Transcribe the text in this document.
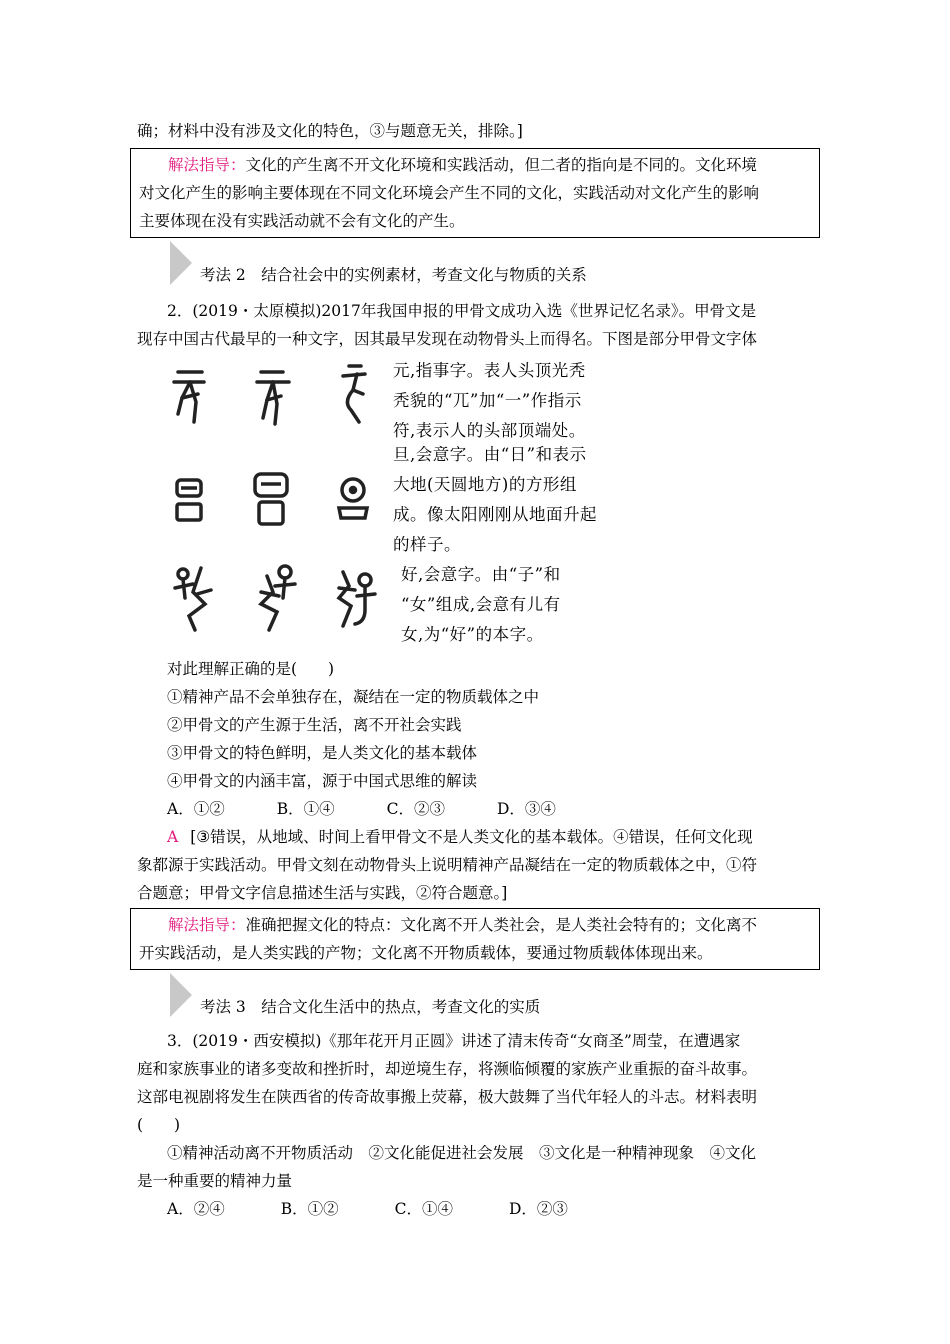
确；材料中没有涉及文化的特色，③与题意无关，排除。]

解法指导：文化的产生离不开文化环境和实践活动，但二者的指向是不同的。文化环境

对文化产生的影响主要体现在不同文化环境会产生不同的文化，实践活动对文化产生的影响

主要体现在没有实践活动就不会有文化的产生。

考法 2　结合社会中的实例素材，考查文化与物质的关系
2．(2019・太原模拟)2017年我国申报的甲骨文成功入选《世界记忆名录》。甲骨文是
现存中国古代最早的一种文字，因其最早发现在动物骨头上而得名。下图是部分甲骨文字体
元,指事字。表人头顶光秃
秃貌的“兀”加“一”作指示
符,表示人的头部顶端处。
旦,会意字。由“日”和表示
大地(天圆地方)的方形组
成。像太阳刚刚从地面升起
的样子。
好,会意字。由“子”和
“女”组成,会意有儿有
女,为“好”的本字。
对此理解正确的是(　　)
①精神产品不会单独存在，凝结在一定的物质载体之中
②甲骨文的产生源于生活，离不开社会实践
③甲骨文的特色鲜明，是人类文化的基本载体
④甲骨文的内涵丰富，源于中国式思维的解读
A．①②	B．①④	C．②③	D．③④
A [③错误，从地域、时间上看甲骨文不是人类文化的基本载体。④错误，任何文化现
象都源于实践活动。甲骨文刻在动物骨头上说明精神产品凝结在一定的物质载体之中，①符
合题意；甲骨文字信息描述生活与实践，②符合题意。]

解法指导：准确把握文化的特点：文化离不开人类社会，是人类社会特有的；文化离不

开实践活动，是人类实践的产物；文化离不开物质载体，要通过物质载体体现出来。

考法 3　结合文化生活中的热点，考查文化的实质
3．(2019・西安模拟)《那年花开月正圆》讲述了清末传奇“女商圣”周莹，在遭遇家
庭和家族事业的诸多变故和挫折时，却逆境生存，将濒临倾覆的家族产业重振的奋斗故事。
这部电视剧将发生在陕西省的传奇故事搬上荧幕，极大鼓舞了当代年轻人的斗志。材料表明
(　　)
①精神活动离不开物质活动　②文化能促进社会发展　③文化是一种精神现象　④文化
是一种重要的精神力量
A．②④	B．①②	C．①④	D．②③
